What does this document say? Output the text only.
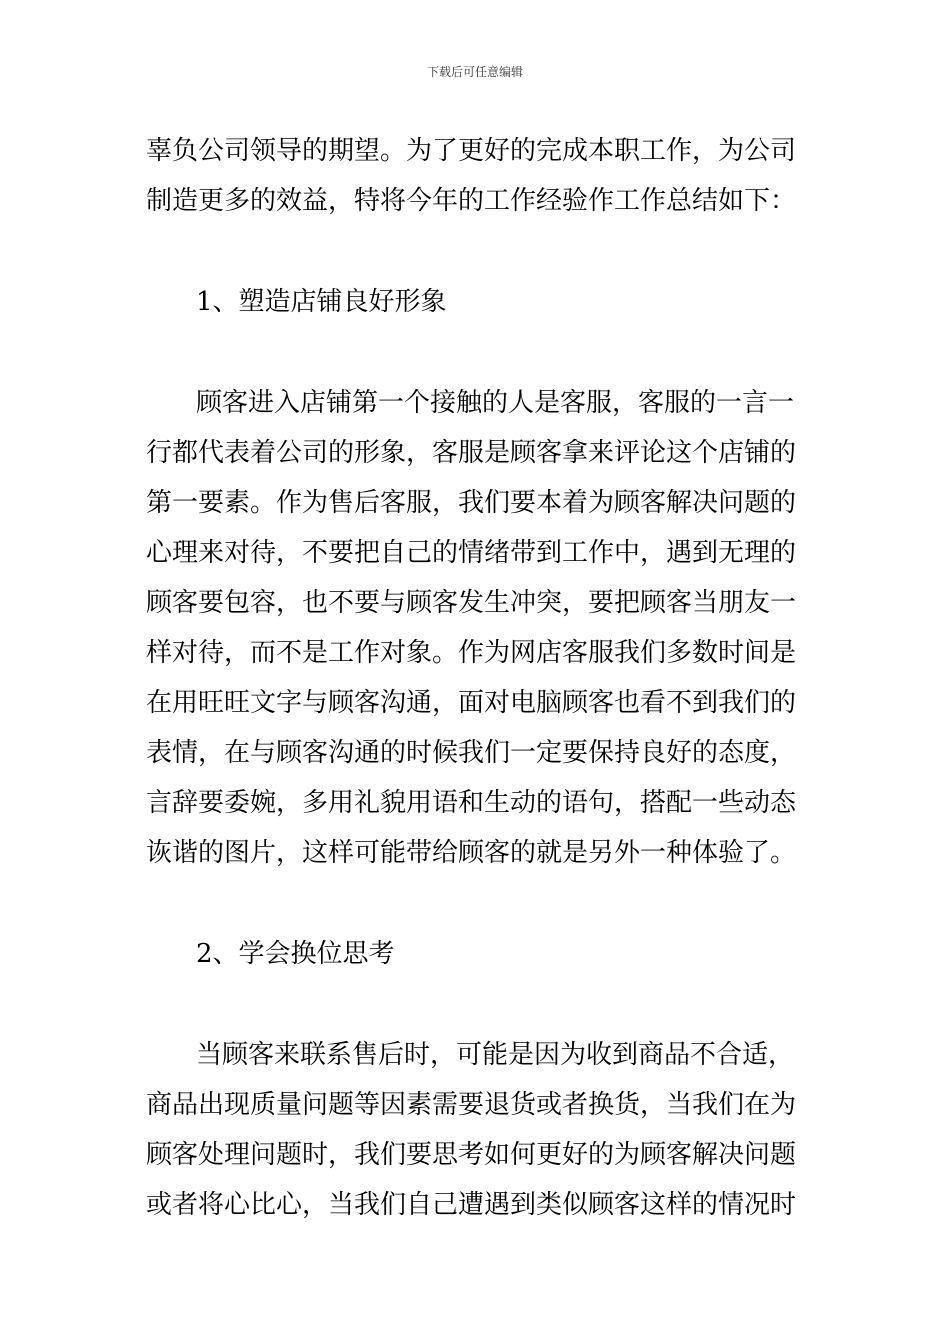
下载后可任意编辑
辜负公司领导的期望。为了更好的完成本职工作，为公司
制造更多的效益，特将今年的工作经验作工作总结如下：
1、塑造店铺良好形象
顾客进入店铺第一个接触的人是客服，客服的一言一
行都代表着公司的形象，客服是顾客拿来评论这个店铺的
第一要素。作为售后客服，我们要本着为顾客解决问题的
心理来对待，不要把自己的情绪带到工作中，遇到无理的
顾客要包容，也不要与顾客发生冲突，要把顾客当朋友一
样对待，而不是工作对象。作为网店客服我们多数时间是
在用旺旺文字与顾客沟通，面对电脑顾客也看不到我们的
表情，在与顾客沟通的时候我们一定要保持良好的态度，
言辞要委婉，多用礼貌用语和生动的语句，搭配一些动态
诙谐的图片，这样可能带给顾客的就是另外一种体验了。
2、学会换位思考
当顾客来联系售后时，可能是因为收到商品不合适，
商品出现质量问题等因素需要退货或者换货，当我们在为
顾客处理问题时，我们要思考如何更好的为顾客解决问题
或者将心比心，当我们自己遭遇到类似顾客这样的情况时
